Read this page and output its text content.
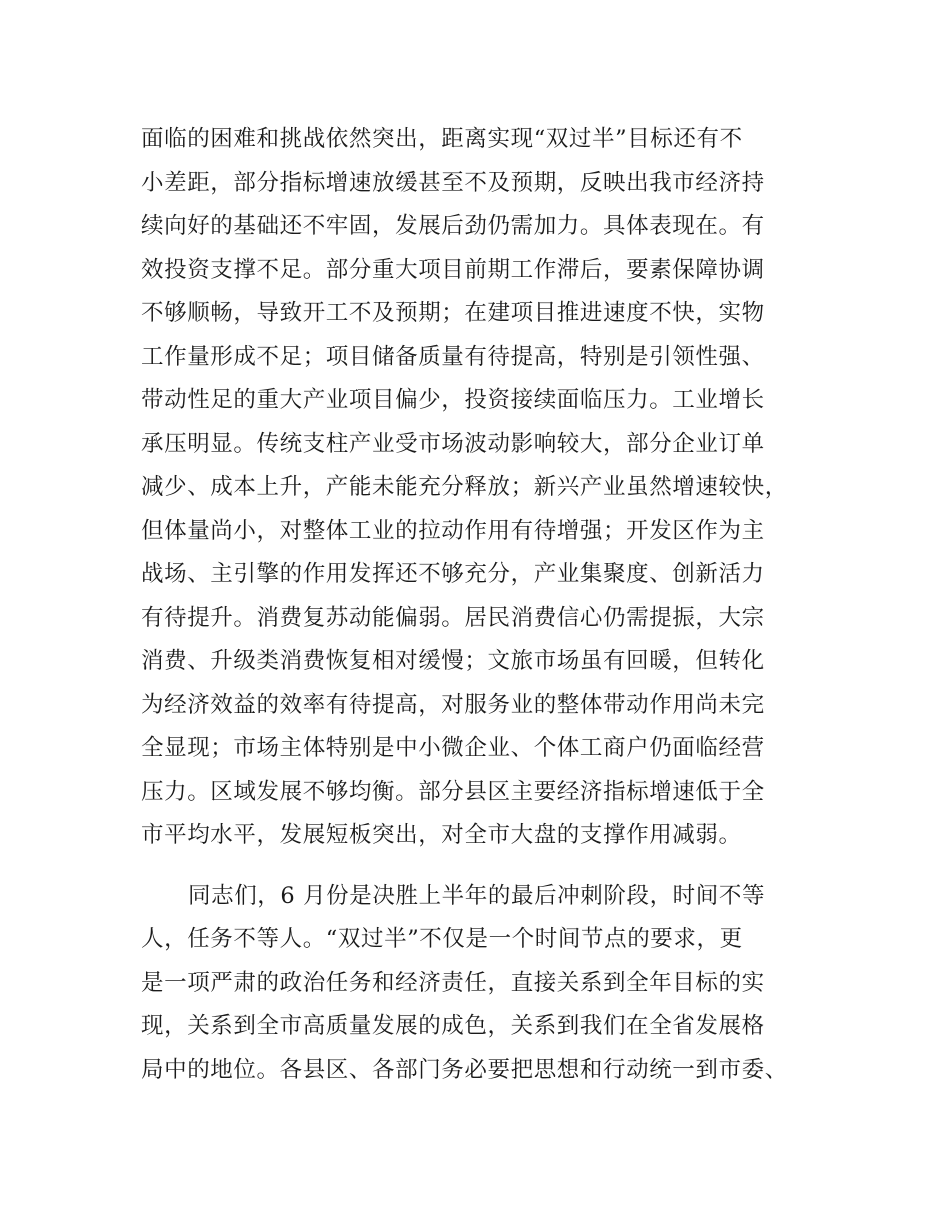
面临的困难和挑战依然突出，距离实现“双过半”目标还有不
小差距，部分指标增速放缓甚至不及预期，反映出我市经济持
续向好的基础还不牢固，发展后劲仍需加力。具体表现在。有
效投资支撑不足。部分重大项目前期工作滞后，要素保障协调
不够顺畅，导致开工不及预期；在建项目推进速度不快，实物
工作量形成不足；项目储备质量有待提高，特别是引领性强、
带动性足的重大产业项目偏少，投资接续面临压力。工业增长
承压明显。传统支柱产业受市场波动影响较大，部分企业订单
减少、成本上升，产能未能充分释放；新兴产业虽然增速较快，
但体量尚小，对整体工业的拉动作用有待增强；开发区作为主
战场、主引擎的作用发挥还不够充分，产业集聚度、创新活力
有待提升。消费复苏动能偏弱。居民消费信心仍需提振，大宗
消费、升级类消费恢复相对缓慢；文旅市场虽有回暖，但转化
为经济效益的效率有待提高，对服务业的整体带动作用尚未完
全显现；市场主体特别是中小微企业、个体工商户仍面临经营
压力。区域发展不够均衡。部分县区主要经济指标增速低于全
市平均水平，发展短板突出，对全市大盘的支撑作用减弱。

同志们，6 月份是决胜上半年的最后冲刺阶段，时间不等
人，任务不等人。“双过半”不仅是一个时间节点的要求，更
是一项严肃的政治任务和经济责任，直接关系到全年目标的实
现，关系到全市高质量发展的成色，关系到我们在全省发展格
局中的地位。各县区、各部门务必要把思想和行动统一到市委、
